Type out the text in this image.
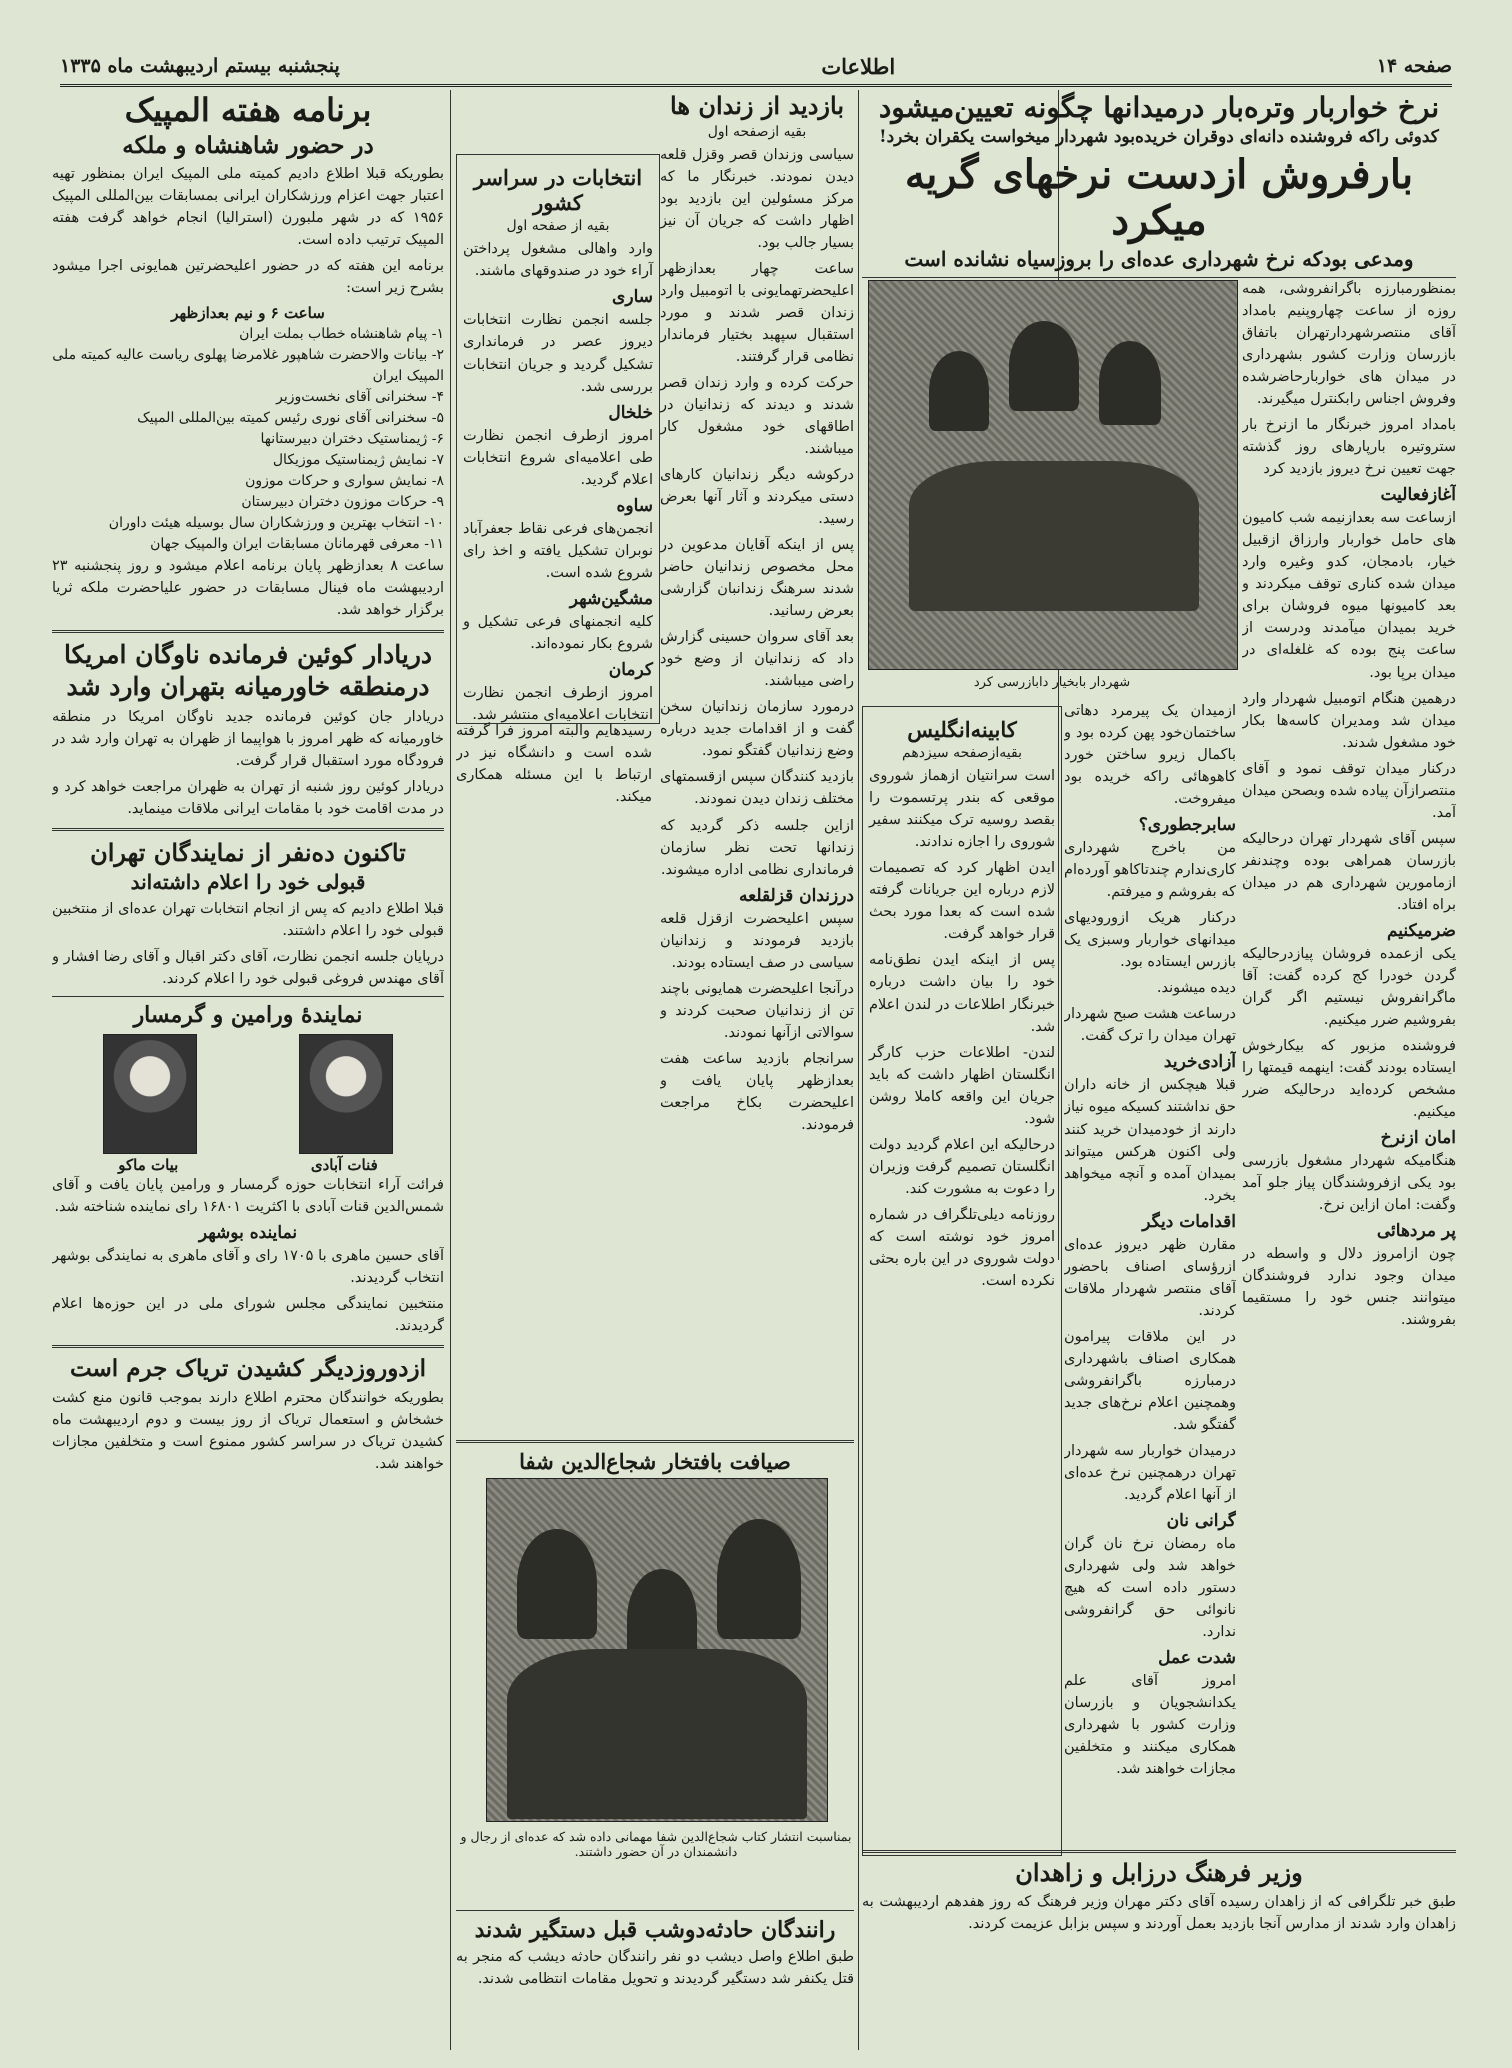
صفحه ۱۴
اطلاعات
پنجشنبه بیستم اردیبهشت ماه ۱۳۳۵
نرخ خواربار وتره‌بار درمیدانها چگونه تعیین‌میشود
کدوئی راکه فروشنده دانه‌ای دوقران خریده‌بود شهردار میخواست یکقران بخرد!
بارفروش ازدست نرخهای گریه میکرد
ومدعی بودکه نرخ شهرداری عده‌ای را بروزسیاه نشانده است
شهردار بابخیار دابازرسی کرد

بمنظورمبارزه باگرانفروشی، همه روزه از ساعت چهاروپنیم بامداد آقای منتصرشهردارتهران باتفاق بازرسان وزارت کشور بشهرداری در میدان های خواربارحاضرشده وفروش اجناس رابکنترل میگیرند.

بامداد امروز خبرنگار ما ازنرخ بار ستروتیره بارپارهای روز گذشته جهت تعیین نرخ دیروز بازدید کرد

آغازفعالیت

ازساعت سه بعدازنیمه شب کامیون های حامل خواربار وارزاق ازقبیل خیار، بادمجان، کدو وغیره وارد میدان شده کناری توقف میکردند و بعد کامیونها میوه فروشان برای خرید بمیدان میآمدند ودرست از ساعت پنج بوده که غلغله‌ای در میدان برپا بود.

درهمین هنگام اتومبیل شهردار وارد میدان شد ومدیران کاسه‌ها بکار خود مشغول شدند.

درکنار میدان توقف نمود و آقای منتصرازآن پیاده شده وبصحن میدان آمد.

سپس آقای شهردار تهران درحالیکه بازرسان همراهی بوده وچندنفر ازمامورین شهرداری هم در میدان براه افتاد.

ضرمیکنیم

یکی ازعمده فروشان پیازدرحالیکه گردن خودرا کج کرده گفت: آقا ماگرانفروش نیستیم اگر گران بفروشیم ضرر میکنیم.

فروشنده مزبور که بیکارخوش ایستاده بودند گفت: اینهمه قیمتها را مشخص کرده‌اید درحالیکه ضرر میکنیم.

امان ازنرخ

هنگامیکه شهردار مشغول بازرسی بود یکی ازفروشندگان پیاز جلو آمد وگفت: امان ازاین نرخ.

پر مردهائی

چون ازامروز دلال و واسطه در میدان وجود ندارد فروشندگان میتوانند جنس خود را مستقیما بفروشند.

ازمیدان یک پیرمرد دهاتی ساختمان‌خود پهن کرده بود و باکمال زیرو ساختن خورد کاهوهائی راکه خریده بود میفروخت.

سابرجطوری؟

من باخرج شهرداری کاری‌ندارم چندتاکاهو آورده‌ام که بفروشم و میرفتم.

درکنار هریک ازورودیهای میدانهای خواربار وسبزی یک بازرس ایستاده بود.

دیده میشوند.

درساعت هشت صبح شهردار تهران میدان را ترک گفت.

آزادی‌خرید

قبلا هیچکس از خانه داران حق نداشتند کسیکه میوه نیاز دارند از خودمیدان خرید کنند ولی اکنون هرکس میتواند بمیدان آمده و آنچه میخواهد بخرد.

اقدامات دیگر

مقارن ظهر دیروز عده‌ای ازرؤسای اصناف باحضور آقای منتصر شهردار ملاقات کردند.

در این ملاقات پیرامون همکاری اصناف باشهرداری درمبارزه باگرانفروشی وهمچنین اعلام نرخ‌های جدید گفتگو شد.

درمیدان خواربار سه شهردار تهران درهمچنین نرخ عده‌ای از آنها اعلام گردید.

گرانی نان

ماه رمضان نرخ نان گران خواهد شد ولی شهرداری دستور داده است که هیچ نانوائی حق گرانفروشی ندارد.

شدت عمل

امروز آقای علم یکدانشجویان و بازرسان وزارت کشور با شهرداری همکاری میکنند و متخلفین مجازات خواهند شد.

کابینه‌انگلیس
بقیه‌ازصفحه سیزدهم

است سرانتیان ازهماز شوروی موقعی که بندر پرتسموت را بقصد روسیه ترک میکنند سفیر شوروی را اجازه ندادند.

ایدن اظهار کرد که تصمیمات لازم درباره این جریانات گرفته شده است که بعدا مورد بحث قرار خواهد گرفت.

پس از اینکه ایدن نطق‌نامه خود را بیان داشت درباره خبرنگار اطلاعات در لندن اعلام شد.

لندن- اطلاعات حزب کارگر انگلستان اظهار داشت که باید جریان این واقعه کاملا روشن شود.

درحالیکه این اعلام گردید دولت انگلستان تصمیم گرفت وزیران را دعوت به مشورت کند.

روزنامه دیلی‌تلگراف در شماره امروز خود نوشته است که دولت شوروی در این باره بحثی نکرده است.

وزیر فرهنگ درزابل و زاهدان

طبق خبر تلگرافی که از زاهدان رسیده آقای دکتر مهران وزیر فرهنگ که روز هفدهم اردیبهشت به زاهدان وارد شدند از مدارس آنجا بازدید بعمل آوردند و سپس بزابل عزیمت کردند.

بازدید از زندان ها
بقیه ازصفحه اول

سیاسی وزندان قصر وقزل قلعه دیدن نمودند. خبرنگار ما که مرکز مسئولین این بازدید بود اظهار داشت که جریان آن نیز بسیار جالب بود.

ساعت چهار بعدازظهر اعلیحضرتهمایونی با اتومبیل وارد زندان قصر شدند و مورد استقبال سپهبد بختیار فرماندار نظامی قرار گرفتند.

حرکت کرده و وارد زندان قصر شدند و دیدند که زندانیان در اطاقهای خود مشغول کار میباشند.

درکوشه دیگر زندانیان کارهای دستی میکردند و آثار آنها بعرض رسید.

پس از اینکه آقایان مدعوین در محل مخصوص زندانیان حاضر شدند سرهنگ زندانبان گزارشی بعرض رسانید.

بعد آقای سروان حسینی گزارش داد که زندانیان از وضع خود راضی میباشند.

درمورد سازمان زندانیان سخن گفت و از اقدامات جدید درباره وضع زندانیان گفتگو نمود.

بازدید کنندگان سپس ازقسمتهای مختلف زندان دیدن نمودند.

ازاین جلسه ذکر گردید که زندانها تحت نظر سازمان فرمانداری نظامی اداره میشوند.

درزندان قزلقلعه

سپس اعلیحضرت ازقزل قلعه بازدید فرمودند و زندانیان سیاسی در صف ایستاده بودند.

درآنجا اعلیحضرت همایونی باچند تن از زندانیان صحبت کردند و سوالاتی ازآنها نمودند.

سرانجام بازدید ساعت هفت بعدازظهر پایان یافت و اعلیحضرت بکاخ مراجعت فرمودند.

انتخابات در سراسر کشور
بقیه از صفحه اول

وارد واهالی مشغول پرداختن آراء خود در صندوقهای ماشند.

ساری

جلسه انجمن نظارت انتخابات دیروز عصر در فرمانداری تشکیل گردید و جریان انتخابات بررسی شد.

خلخال

امروز ازطرف انجمن نظارت طی اعلامیه‌ای شروع انتخابات اعلام گردید.

ساوه

انجمن‌های فرعی نقاط جعفرآباد نوبران تشکیل یافته و اخذ رای شروع شده است.

مشگین‌شهر

کلیه انجمنهای فرعی تشکیل و شروع بکار نموده‌اند.

کرمان

امروز ازطرف انجمن نظارت انتخابات اعلامیه‌ای منتشر شد.

رسیدهایم والبته امروز فرا گرفته شده است و دانشگاه نیز در ارتباط با این مسئله همکاری میکند.

صیافت بافتخار شجاع‌الدین شفا
بمناسبت انتشار کتاب شجاع‌الدین شفا مهمانی داده شد که عده‌ای از رجال و دانشمندان در آن حضور داشتند.
رانندگان حادثه‌دوشب قبل دستگیر شدند

طبق اطلاع واصل دیشب دو نفر رانندگان حادثه دیشب که منجر به قتل یکنفر شد دستگیر گردیدند و تحویل مقامات انتظامی شدند.

برنامه هفته المپیک
در حضور شاهنشاه و ملکه

بطوریکه قبلا اطلاع دادیم کمیته ملی المپیک ایران بمنظور تهیه اعتبار جهت اعزام ورزشکاران ایرانی بمسابقات بین‌المللی المپیک ۱۹۵۶ که در شهر ملبورن (استرالیا) انجام خواهد گرفت هفته المپیک ترتیب داده است.

برنامه این هفته که در حضور اعلیحضرتین همایونی اجرا میشود بشرح زیر است:

ساعت ۶ و نیم بعدازظهر
۱- پیام شاهنشاه خطاب بملت ایران
۲- بیانات والاحضرت شاهپور غلامرضا پهلوی ریاست عالیه کمیته ملی المپیک ایران
۴- سخنرانی آقای نخست‌وزیر
۵- سخنرانی آقای نوری رئیس کمیته بین‌المللی المپیک
۶- ژیمناستیک دختران دبیرستانها
۷- نمایش ژیمناستیک موزیکال
۸- نمایش سواری و حرکات موزون
۹- حرکات موزون دختران دبیرستان
۱۰- انتخاب بهترین و ورزشکاران سال بوسیله هیئت داوران
۱۱- معرفی قهرمانان مسابقات ایران والمپیک جهان

ساعت ۸ بعدازظهر پایان برنامه اعلام میشود و روز پنجشنبه ۲۳ اردیبهشت ماه فینال مسابقات در حضور علیاحضرت ملکه ثریا برگزار خواهد شد.

دریادار کوئین فرمانده ناوگان امریکا
درمنطقه خاورمیانه بتهران وارد شد

دریادار جان کوئین فرمانده جدید ناوگان امریکا در منطقه خاورمیانه که ظهر امروز با هواپیما از ظهران به تهران وارد شد در فرودگاه مورد استقبال قرار گرفت.

دریادار کوئین روز شنبه از تهران به ظهران مراجعت خواهد کرد و در مدت اقامت خود با مقامات ایرانی ملاقات مینماید.

تاکنون ده‌نفر از نمایندگان تهران
قبولی خود را اعلام داشته‌اند

قبلا اطلاع دادیم که پس از انجام انتخابات تهران عده‌ای از منتخبین قبولی خود را اعلام داشتند.

درپایان جلسه انجمن نظارت، آقای دکتر اقبال و آقای رضا افشار و آقای مهندس فروغی قبولی خود را اعلام کردند.

نمایندهٔ ورامین و گرمسار
فنات آبادی
بیات ماکو

فرائت آراء انتخابات حوزه گرمسار و ورامین پایان یافت و آقای شمس‌الدین قنات آبادی با اکثریت ۱۶۸۰۱ رای نماینده شناخته شد.

نماینده بوشهر

آقای حسین ماهری با ۱۷۰۵ رای و آقای ماهری به نمایندگی بوشهر انتخاب گردیدند.

منتخبین نمایندگی مجلس شورای ملی در این حوزه‌ها اعلام گردیدند.

ازدوروزدیگر کشیدن تریاک جرم است

بطوریکه خوانندگان محترم اطلاع دارند بموجب قانون منع کشت خشخاش و استعمال تریاک از روز بیست و دوم اردیبهشت ماه کشیدن تریاک در سراسر کشور ممنوع است و متخلفین مجازات خواهند شد.
